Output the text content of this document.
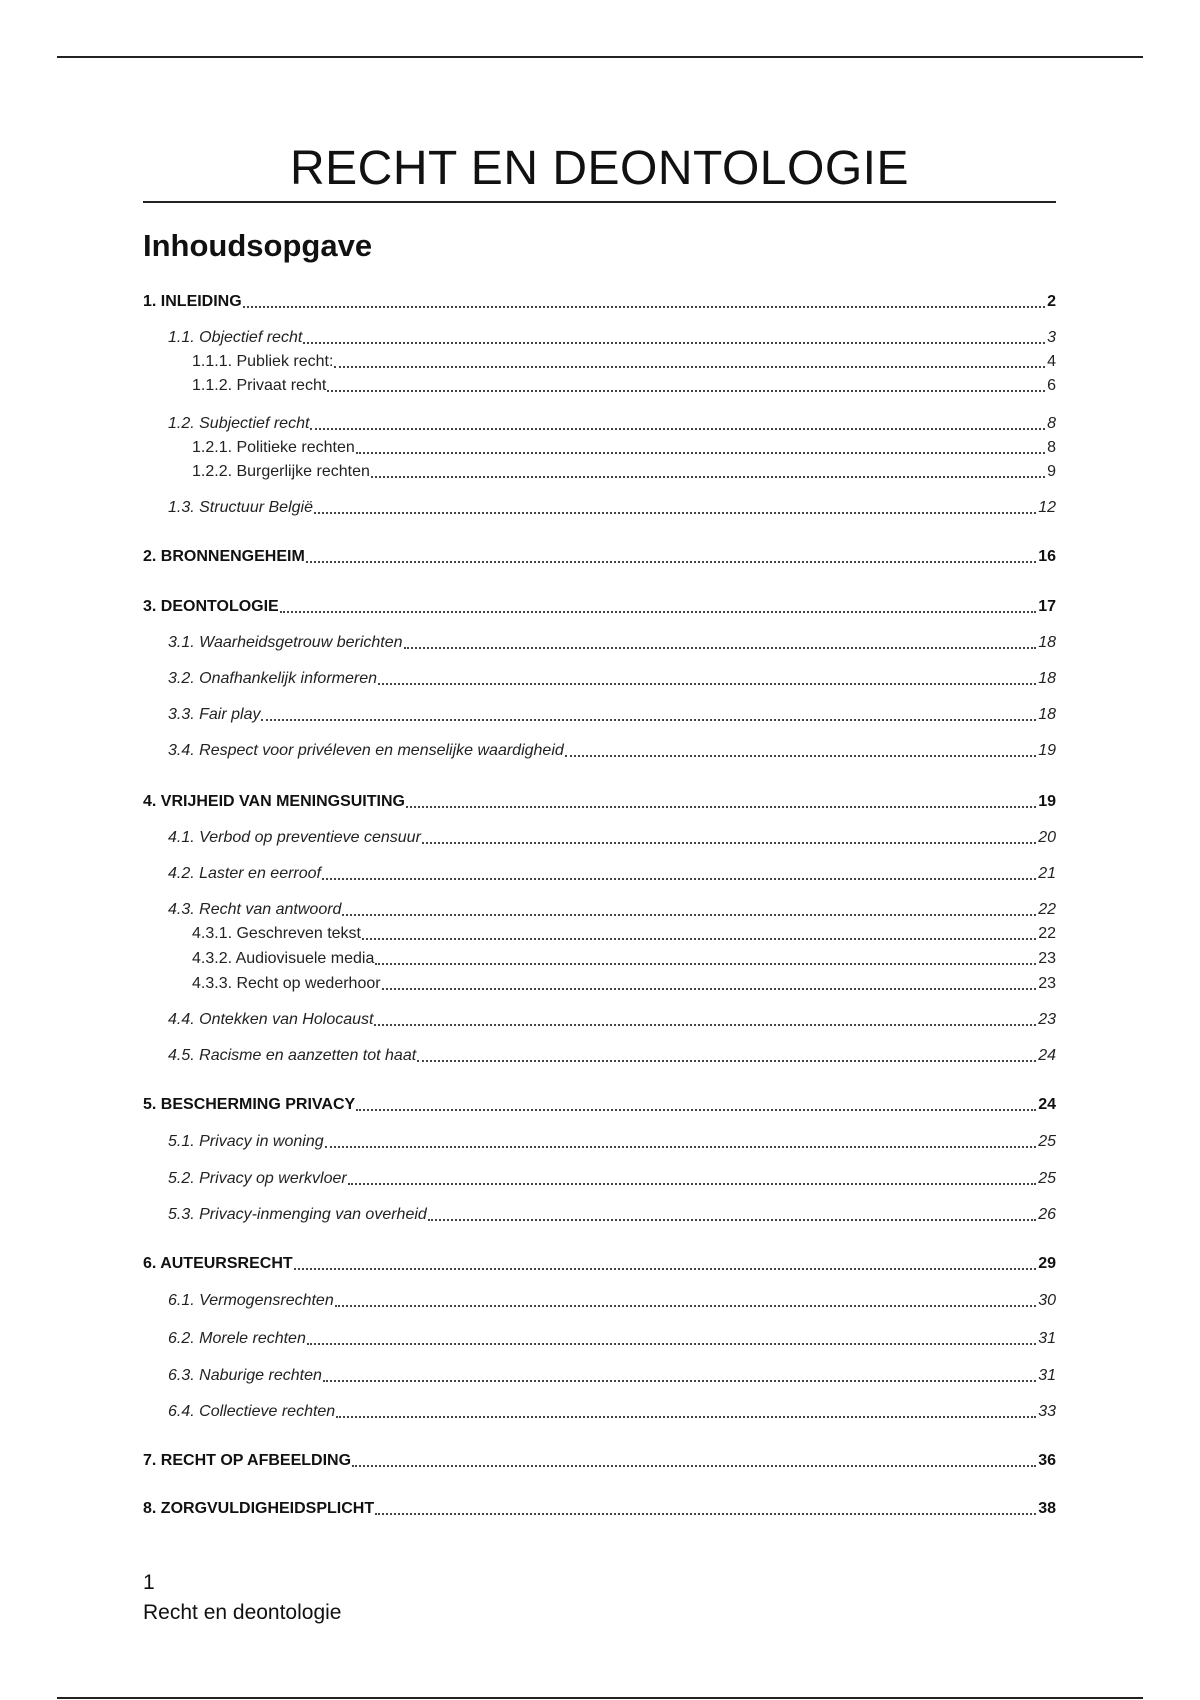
RECHT EN DEONTOLOGIE
Inhoudsopgave
1. INLEIDING	2
1.1. Objectief recht	3
1.1.1. Publiek recht:	4
1.1.2. Privaat recht	6
1.2. Subjectief recht	8
1.2.1. Politieke rechten	8
1.2.2. Burgerlijke rechten	9
1.3. Structuur België	12
2. BRONNENGEHEIM	16
3. DEONTOLOGIE	17
3.1. Waarheidsgetrouw berichten	18
3.2. Onafhankelijk informeren	18
3.3. Fair play	18
3.4. Respect voor privéleven en menselijke waardigheid	19
4. VRIJHEID VAN MENINGSUITING	19
4.1. Verbod op preventieve censuur	20
4.2. Laster en eerroof	21
4.3. Recht van antwoord	22
4.3.1. Geschreven tekst	22
4.3.2. Audiovisuele media	23
4.3.3. Recht op wederhoor	23
4.4. Ontekken van Holocaust	23
4.5. Racisme en aanzetten tot haat	24
5. BESCHERMING PRIVACY	24
5.1. Privacy in woning	25
5.2. Privacy op werkvloer	25
5.3. Privacy-inmenging van overheid	26
6. AUTEURSRECHT	29
6.1. Vermogensrechten	30
6.2. Morele rechten	31
6.3. Naburige rechten	31
6.4. Collectieve rechten	33
7. RECHT OP AFBEELDING	36
8. ZORGVULDIGHEIDSPLICHT	38
1
Recht en deontologie
